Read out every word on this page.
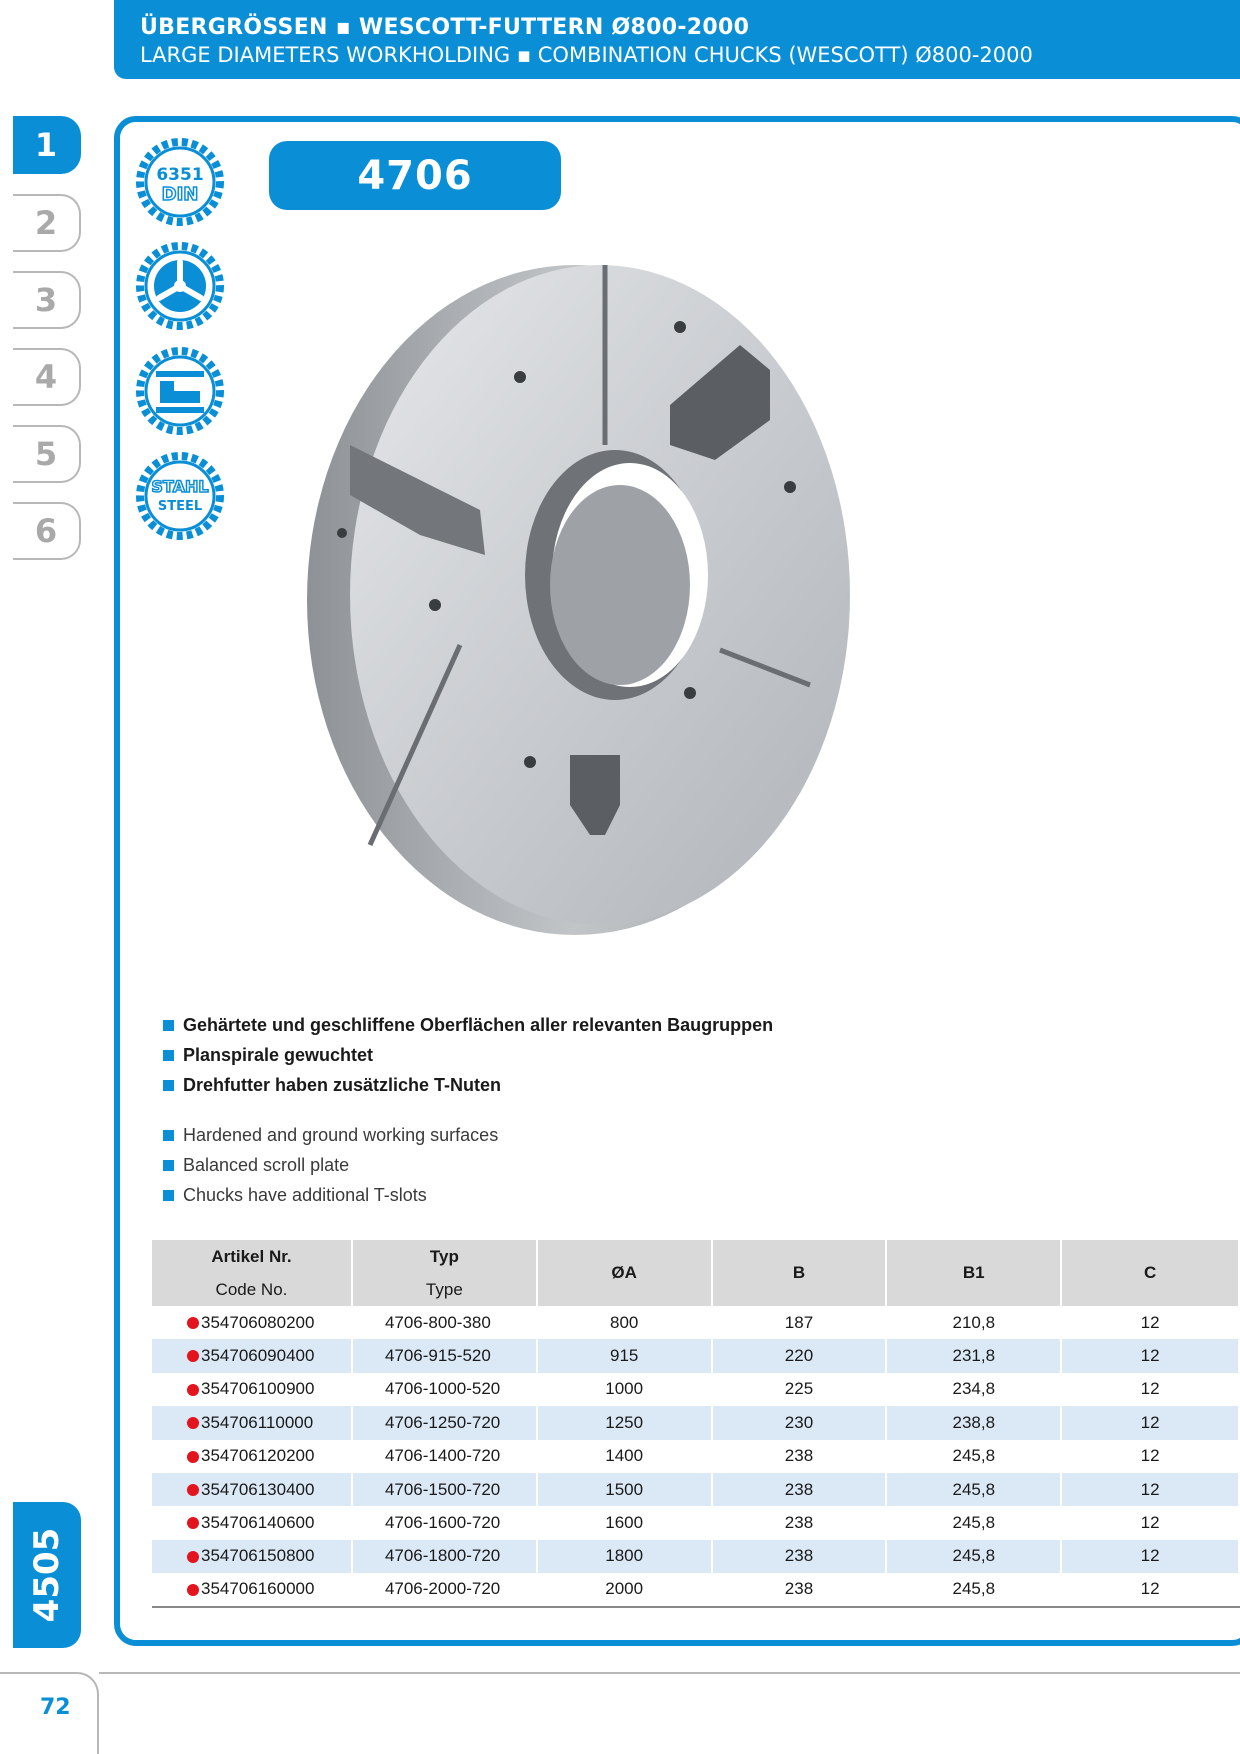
ÜBERGRÖSSEN ▪ WESCOTT-FUTTERN Ø800-2000
LARGE DIAMETERS WORKHOLDING ▪ COMBINATION CHUCKS (WESCOTT) Ø800-2000
1
2
3
4
5
6
4505
6351
DIN
STAHL
STEEL
4706
Gehärtete und geschliffene Oberflächen aller relevanten Baugruppen
Planspirale gewuchtet
Drehfutter haben zusätzliche T-Nuten
Hardened and ground working surfaces
Balanced scroll plate
Chucks have additional T-slots
Artikel Nr.	Typ	ØA	B	B1	C
Code No.	Type				

354706080200	4706-800-380	800	187	210,8	12

354706090400	4706-915-520	915	220	231,8	12

354706100900	4706-1000-520	1000	225	234,8	12

354706110000	4706-1250-720	1250	230	238,8	12

354706120200	4706-1400-720	1400	238	245,8	12

354706130400	4706-1500-720	1500	238	245,8	12

354706140600	4706-1600-720	1600	238	245,8	12

354706150800	4706-1800-720	1800	238	245,8	12

354706160000	4706-2000-720	2000	238	245,8	12
72
